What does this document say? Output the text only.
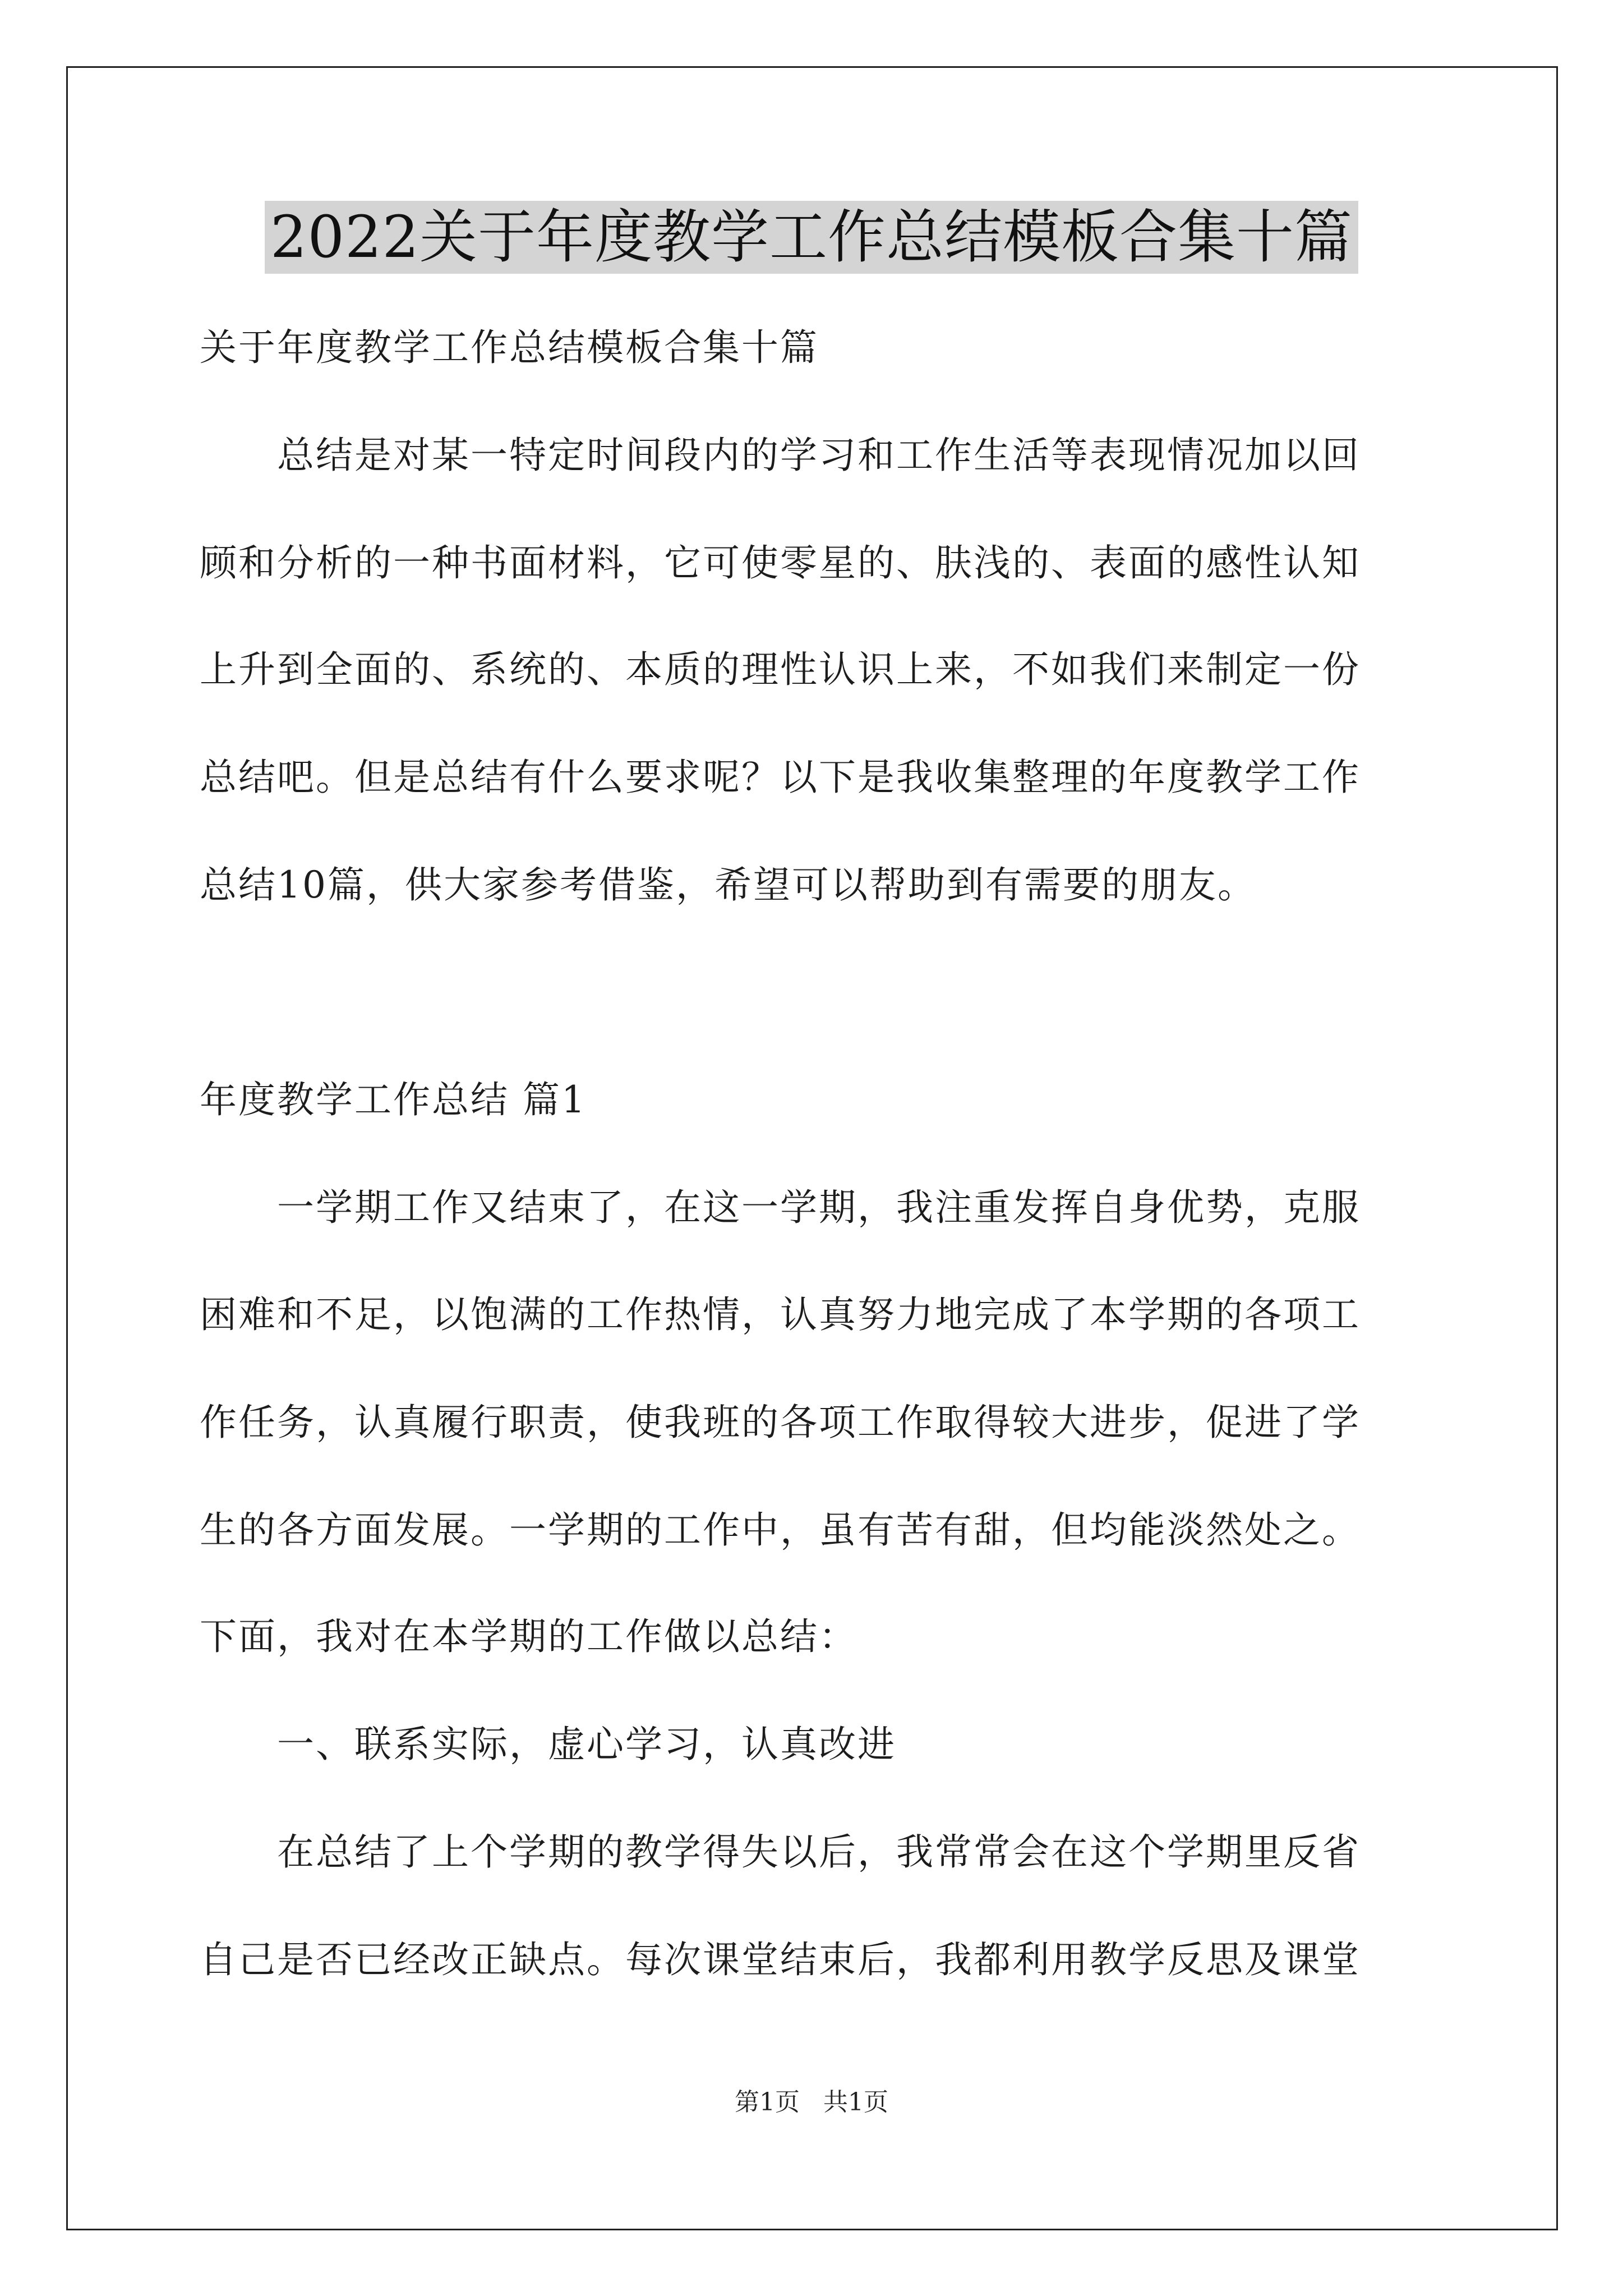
2022关于年度教学工作总结模板合集十篇
关于年度教学工作总结模板合集十篇
　　总结是对某一特定时间段内的学习和工作生活等表现情况加以回
顾和分析的一种书面材料，它可使零星的、肤浅的、表面的感性认知
上升到全面的、系统的、本质的理性认识上来，不如我们来制定一份
总结吧。但是总结有什么要求呢？以下是我收集整理的年度教学工作
总结10篇，供大家参考借鉴，希望可以帮助到有需要的朋友。
年度教学工作总结 篇1
　　一学期工作又结束了，在这一学期，我注重发挥自身优势，克服
困难和不足，以饱满的工作热情，认真努力地完成了本学期的各项工
作任务，认真履行职责，使我班的各项工作取得较大进步，促进了学
生的各方面发展。一学期的工作中，虽有苦有甜，但均能淡然处之。
下面，我对在本学期的工作做以总结：
　　一、联系实际，虚心学习，认真改进
　　在总结了上个学期的教学得失以后，我常常会在这个学期里反省
自己是否已经改正缺点。每次课堂结束后，我都利用教学反思及课堂
第1页 共1页
